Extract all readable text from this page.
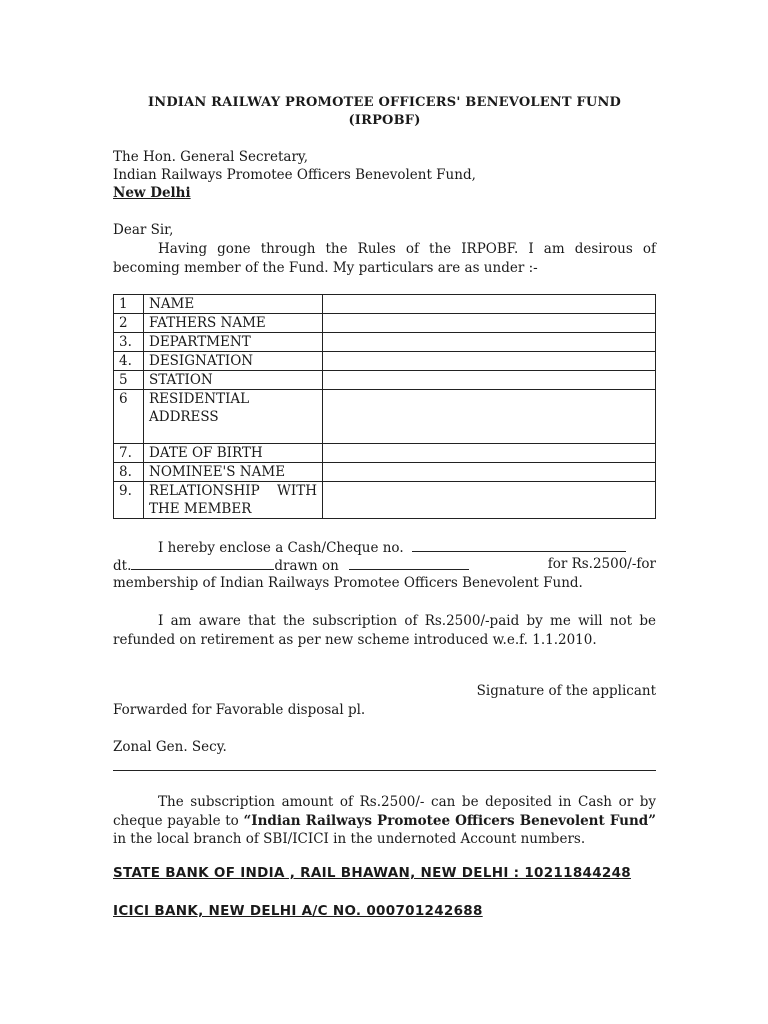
INDIAN RAILWAY PROMOTEE OFFICERS' BENEVOLENT FUND
(IRPOBF)
The Hon. General Secretary,
Indian Railways Promotee Officers Benevolent Fund,
New Delhi
Dear Sir,
Having gone through the Rules of the IRPOBF. I am desirous of becoming member of the Fund. My particulars are as under :-
1	NAME	
2	FATHERS NAME	
3.	DEPARTMENT	
4.	DESIGNATION	
5	STATION	
6	RESIDENTIAL ADDRESS	
7.	DATE OF BIRTH	
8.	NOMINEE'S NAME	
9.	RELATIONSHIP WITH THE MEMBER	
I hereby enclose a Cash/Cheque no.
dt.	drawn on	for Rs.2500/-for
membership of Indian Railways Promotee Officers Benevolent Fund.
I am aware that the subscription of Rs.2500/-paid by me will not be refunded on retirement as per new scheme introduced w.e.f. 1.1.2010.
Signature of the applicant
Forwarded for Favorable disposal pl.
Zonal Gen. Secy.
The subscription amount of Rs.2500/- can be deposited in Cash or by cheque payable to “Indian Railways Promotee Officers Benevolent Fund” in the local branch of SBI/ICICI in the undernoted Account numbers.
STATE BANK OF INDIA , RAIL BHAWAN, NEW DELHI : 10211844248
ICICI BANK, NEW DELHI A/C NO. 000701242688
